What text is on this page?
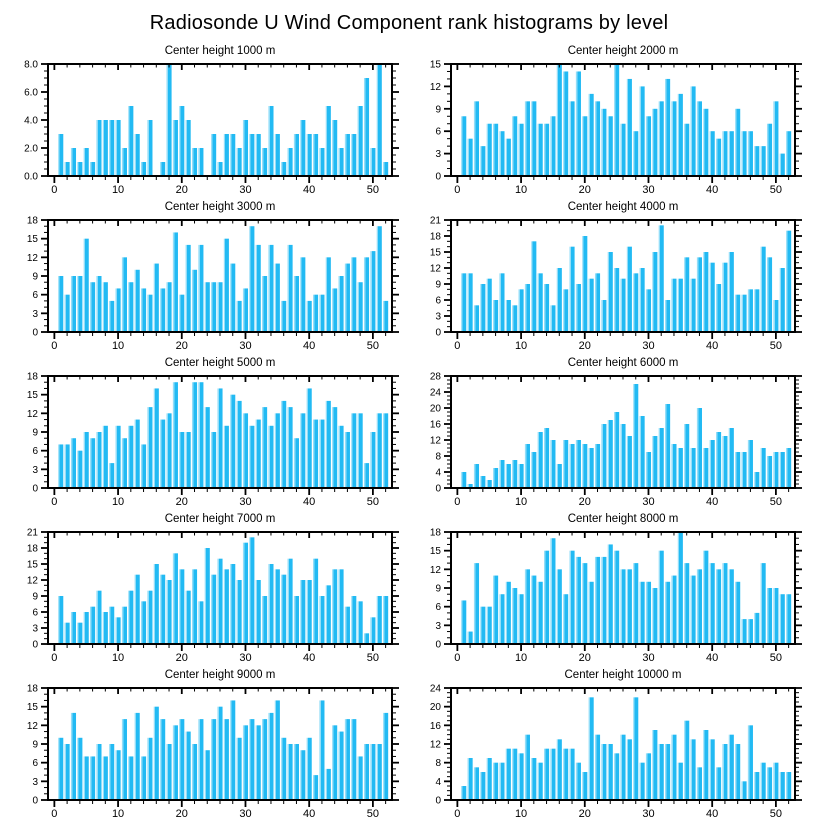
Radiosonde U Wind Component rank histograms by level
Center height 1000 m
0.0
2.0
4.0
6.0
8.0
0	10	20	30	40	50
Center height 2000 m
0
3
6
9
12
15
0	10	20	30	40	50
Center height 3000 m
0
3
6
9
12
15
18
0	10	20	30	40	50
Center height 4000 m
0
3
6
9
12
15
18
21
0	10	20	30	40	50
Center height 5000 m
0
3
6
9
12
15
18
0	10	20	30	40	50
Center height 6000 m
0
4
8
12
16
20
24
28
0	10	20	30	40	50
Center height 7000 m
0
3
6
9
12
15
18
21
0	10	20	30	40	50
Center height 8000 m
0
3
6
9
12
15
18
0	10	20	30	40	50
Center height 9000 m
0
3
6
9
12
15
18
0	10	20	30	40	50
Center height 10000 m
0
4
8
12
16
20
24
0	10	20	30	40	50
